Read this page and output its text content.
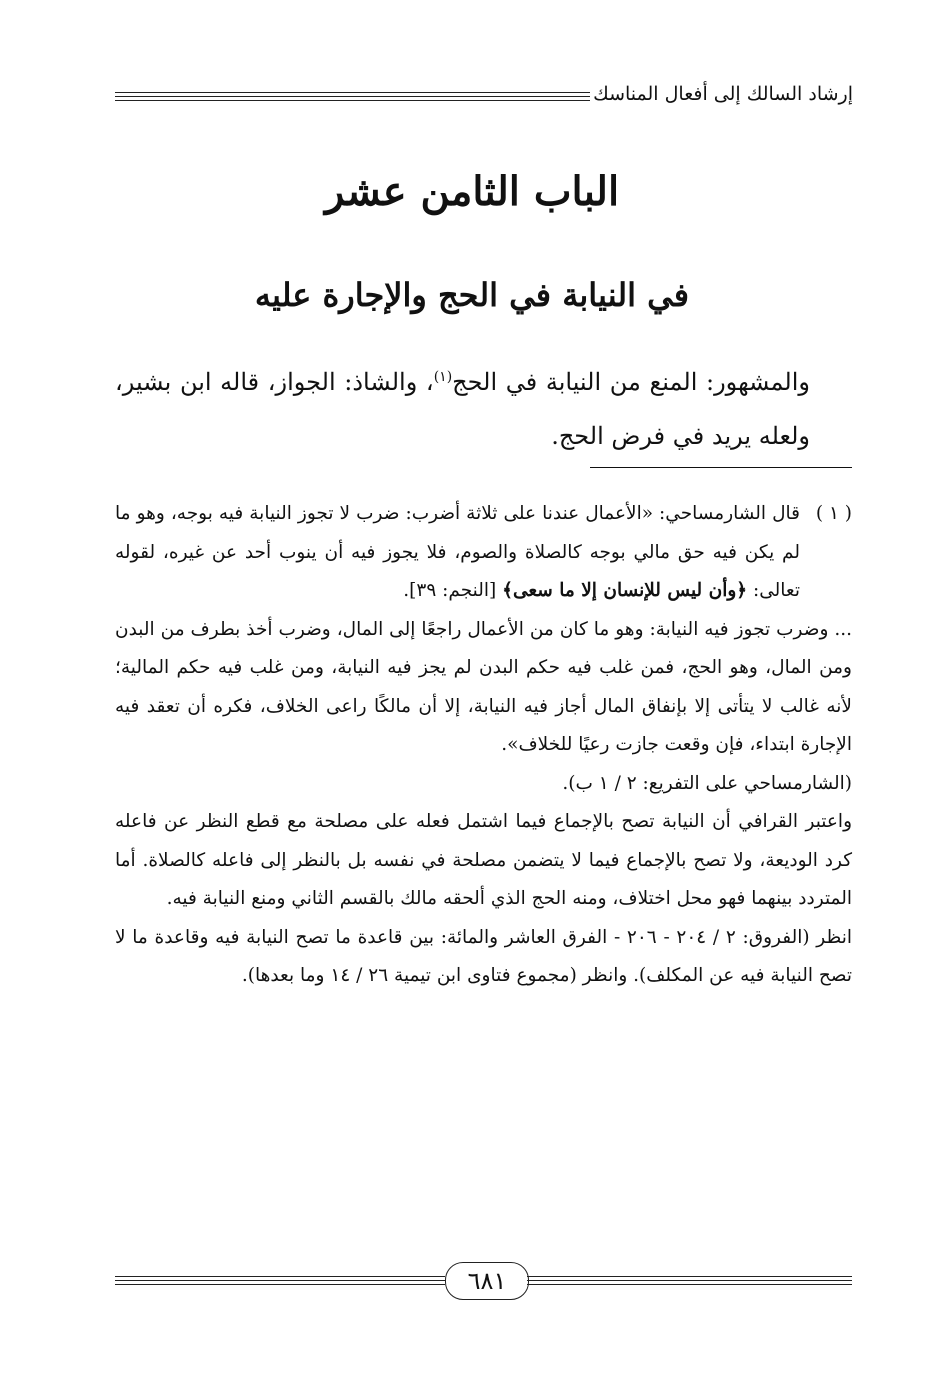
إرشاد السالك إلى أفعال المناسك
الباب الثامن عشر
في النيابة في الحج والإجارة عليه
والمشهور: المنع من النيابة في الحج$^{(١)}$، والشاذ: الجواز، قاله ابن بشير، ولعله يريد في فرض الحج.

( ١ )
قال الشارمساحي: «الأعمال عندنا على ثلاثة أضرب: ضرب لا تجوز النيابة فيه بوجه، وهو ما لم يكن فيه حق مالي بوجه كالصلاة والصوم، فلا يجوز فيه أن ينوب أحد عن غيره، لقوله تعالى: ﴿وأن ليس للإنسان إلا ما سعى﴾ [النجم: ٣٩].

... وضرب تجوز فيه النيابة: وهو ما كان من الأعمال راجعًا إلى المال، وضرب أخذ بطرف من البدن ومن المال، وهو الحج، فمن غلب فيه حكم البدن لم يجز فيه النيابة، ومن غلب فيه حكم المالية؛ لأنه غالب لا يتأتى إلا بإنفاق المال أجاز فيه النيابة، إلا أن مالكًا راعى الخلاف، فكره أن تعقد فيه الإجارة ابتداء، فإن وقعت جازت رعيًا للخلاف».

(الشارمساحي على التفريع: ٢ / ١ ب).

واعتبر القرافي أن النيابة تصح بالإجماع فيما اشتمل فعله على مصلحة مع قطع النظر عن فاعله كرد الوديعة، ولا تصح بالإجماع فيما لا يتضمن مصلحة في نفسه بل بالنظر إلى فاعله كالصلاة. أما المتردد بينهما فهو محل اختلاف، ومنه الحج الذي ألحقه مالك بالقسم الثاني ومنع النيابة فيه.

انظر (الفروق: ٢ / ٢٠٤ - ٢٠٦ - الفرق العاشر والمائة: بين قاعدة ما تصح النيابة فيه وقاعدة ما لا تصح النيابة فيه عن المكلف). وانظر (مجموع فتاوى ابن تيمية ٢٦ / ١٤ وما بعدها).

٦٨١
